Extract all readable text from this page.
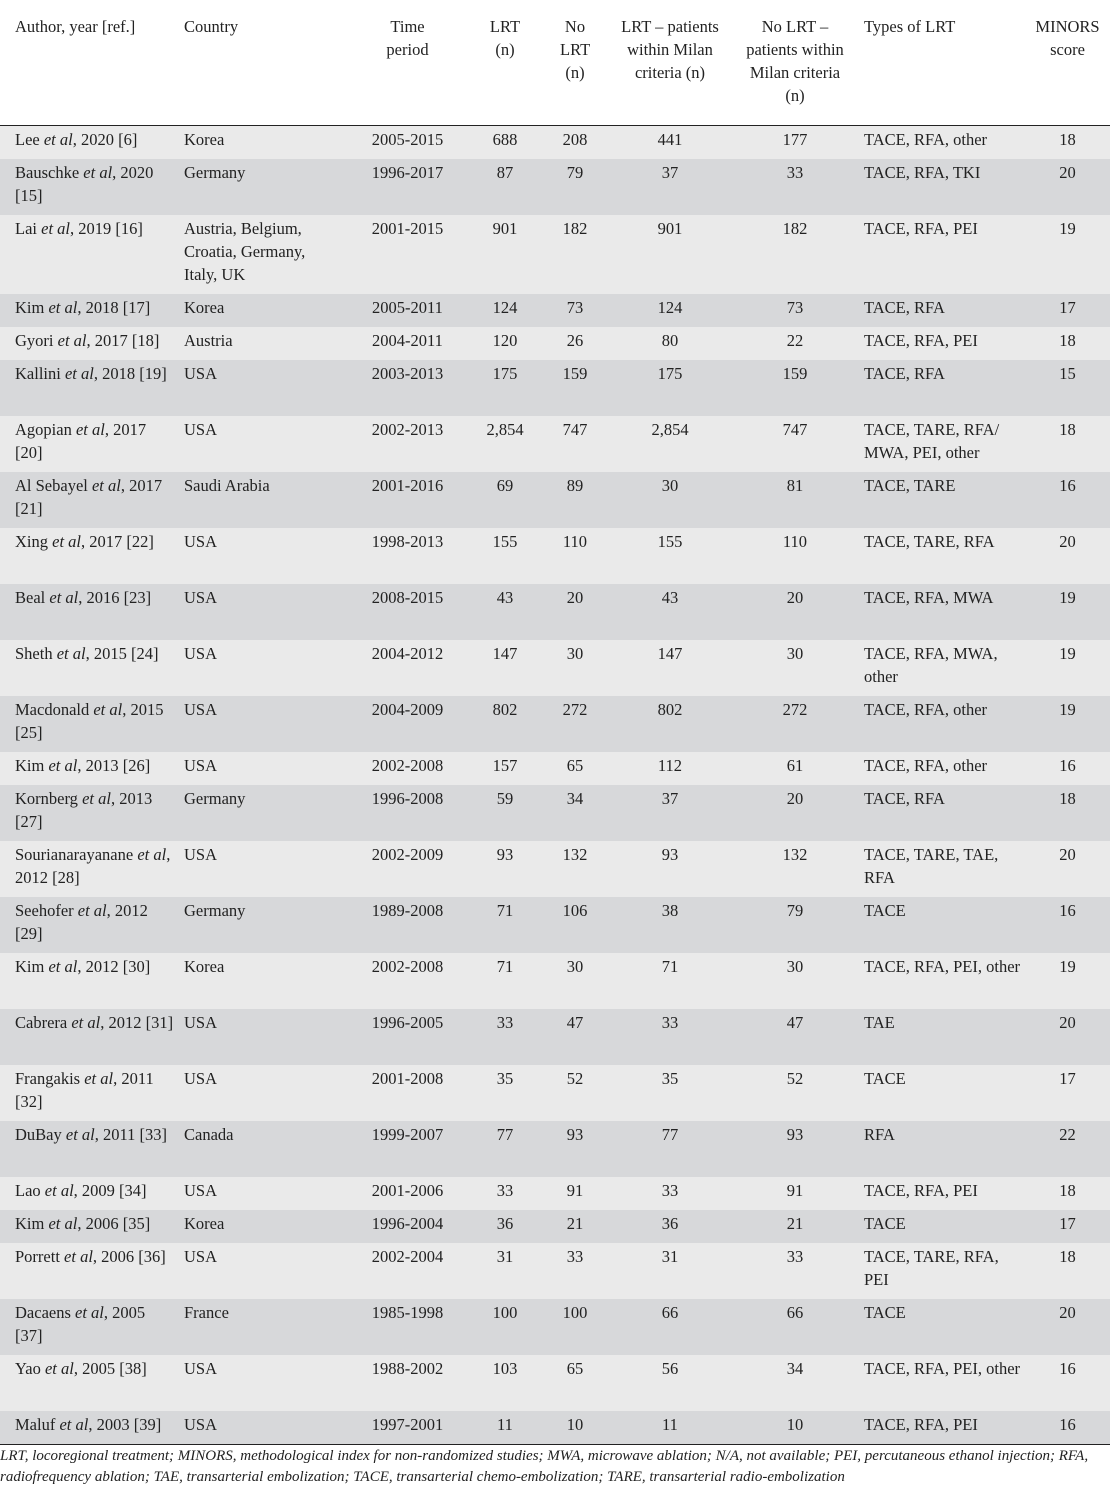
Author, year [ref.]	Country	Time period	LRT (n)	No LRT (n)	LRT – patients within Milan criteria (n)	No LRT – patients within Milan criteria (n)	Types of LRT	MINORS score
Lee et al, 2020 [6]	Korea	2005-2015	688	208	441	177	TACE, RFA, other	18
Bauschke et al, 2020 [15]	Germany	1996-2017	87	79	37	33	TACE, RFA, TKI	20
Lai et al, 2019 [16]	Austria, Belgium, Croatia, Germany, Italy, UK	2001-2015	901	182	901	182	TACE, RFA, PEI	19
Kim et al, 2018 [17]	Korea	2005-2011	124	73	124	73	TACE, RFA	17
Gyori et al, 2017 [18]	Austria	2004-2011	120	26	80	22	TACE, RFA, PEI	18
Kallini et al, 2018 [19]	USA	2003-2013	175	159	175	159	TACE, RFA	15
Agopian et al, 2017 [20]	USA	2002-2013	2,854	747	2,854	747	TACE, TARE, RFA/ MWA, PEI, other	18
Al Sebayel et al, 2017 [21]	Saudi Arabia	2001-2016	69	89	30	81	TACE, TARE	16
Xing et al, 2017 [22]	USA	1998-2013	155	110	155	110	TACE, TARE, RFA	20
Beal et al, 2016 [23]	USA	2008-2015	43	20	43	20	TACE, RFA, MWA	19
Sheth et al, 2015 [24]	USA	2004-2012	147	30	147	30	TACE, RFA, MWA, other	19
Macdonald et al, 2015 [25]	USA	2004-2009	802	272	802	272	TACE, RFA, other	19
Kim et al, 2013 [26]	USA	2002-2008	157	65	112	61	TACE, RFA, other	16
Kornberg et al, 2013 [27]	Germany	1996-2008	59	34	37	20	TACE, RFA	18
Sourianarayanane et al, 2012 [28]	USA	2002-2009	93	132	93	132	TACE, TARE, TAE, RFA	20
Seehofer et al, 2012 [29]	Germany	1989-2008	71	106	38	79	TACE	16
Kim et al, 2012 [30]	Korea	2002-2008	71	30	71	30	TACE, RFA, PEI, other	19
Cabrera et al, 2012 [31]	USA	1996-2005	33	47	33	47	TAE	20
Frangakis et al, 2011 [32]	USA	2001-2008	35	52	35	52	TACE	17
DuBay et al, 2011 [33]	Canada	1999-2007	77	93	77	93	RFA	22
Lao et al, 2009 [34]	USA	2001-2006	33	91	33	91	TACE, RFA, PEI	18
Kim et al, 2006 [35]	Korea	1996-2004	36	21	36	21	TACE	17
Porrett et al, 2006 [36]	USA	2002-2004	31	33	31	33	TACE, TARE, RFA, PEI	18
Dacaens et al, 2005 [37]	France	1985-1998	100	100	66	66	TACE	20
Yao et al, 2005 [38]	USA	1988-2002	103	65	56	34	TACE, RFA, PEI, other	16
Maluf et al, 2003 [39]	USA	1997-2001	11	10	11	10	TACE, RFA, PEI	16

LRT, locoregional treatment; MINORS, methodological index for non-randomized studies; MWA, microwave ablation; N/A, not available; PEI, percutaneous ethanol injection; RFA, radiofrequency ablation; TAE, transarterial embolization; TACE, transarterial chemo-embolization; TARE, transarterial radio-embolization
